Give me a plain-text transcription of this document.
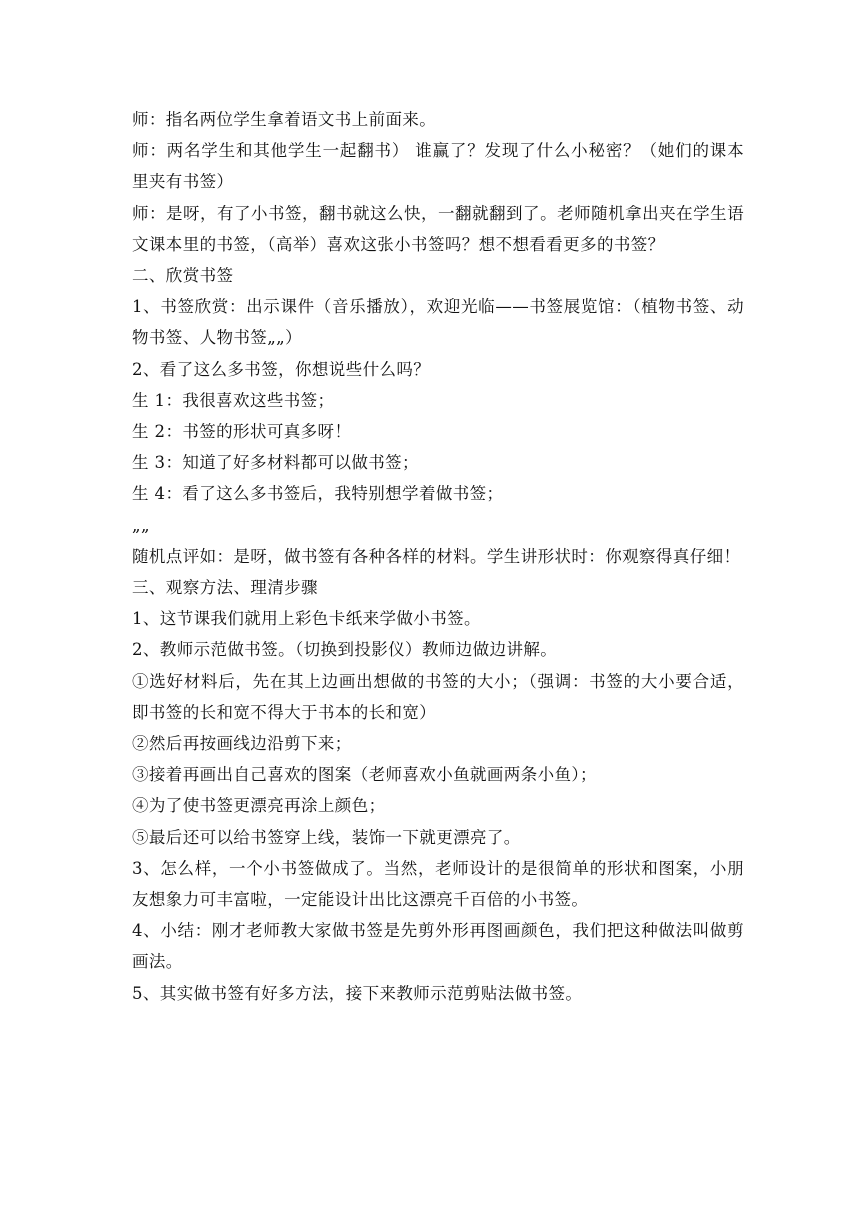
师：指名两位学生拿着语文书上前面来。

师：两名学生和其他学生一起翻书） 谁赢了？发现了什么小秘密？（她们的课本里夹有书签）

师：是呀，有了小书签，翻书就这么快，一翻就翻到了。老师随机拿出夹在学生语文课本里的书签，（高举）喜欢这张小书签吗？想不想看看更多的书签？

二、欣赏书签

1、书签欣赏：出示课件（音乐播放），欢迎光临——书签展览馆：（植物书签、动物书签、人物书签„„）

2、看了这么多书签，你想说些什么吗？

生 1：我很喜欢这些书签；

生 2：书签的形状可真多呀！

生 3：知道了好多材料都可以做书签；

生 4：看了这么多书签后，我特别想学着做书签；

„„

随机点评如：是呀，做书签有各种各样的材料。学生讲形状时：你观察得真仔细！

三、观察方法、理清步骤

1、这节课我们就用上彩色卡纸来学做小书签。

2、教师示范做书签。（切换到投影仪）教师边做边讲解。

①选好材料后，先在其上边画出想做的书签的大小；（强调：书签的大小要合适，即书签的长和宽不得大于书本的长和宽）

②然后再按画线边沿剪下来；

③接着再画出自己喜欢的图案（老师喜欢小鱼就画两条小鱼）；

④为了使书签更漂亮再涂上颜色；

⑤最后还可以给书签穿上线，装饰一下就更漂亮了。

3、怎么样，一个小书签做成了。当然，老师设计的是很简单的形状和图案，小朋友想象力可丰富啦，一定能设计出比这漂亮千百倍的小书签。

4、小结：刚才老师教大家做书签是先剪外形再图画颜色，我们把这种做法叫做剪画法。

5、其实做书签有好多方法，接下来教师示范剪贴法做书签。
